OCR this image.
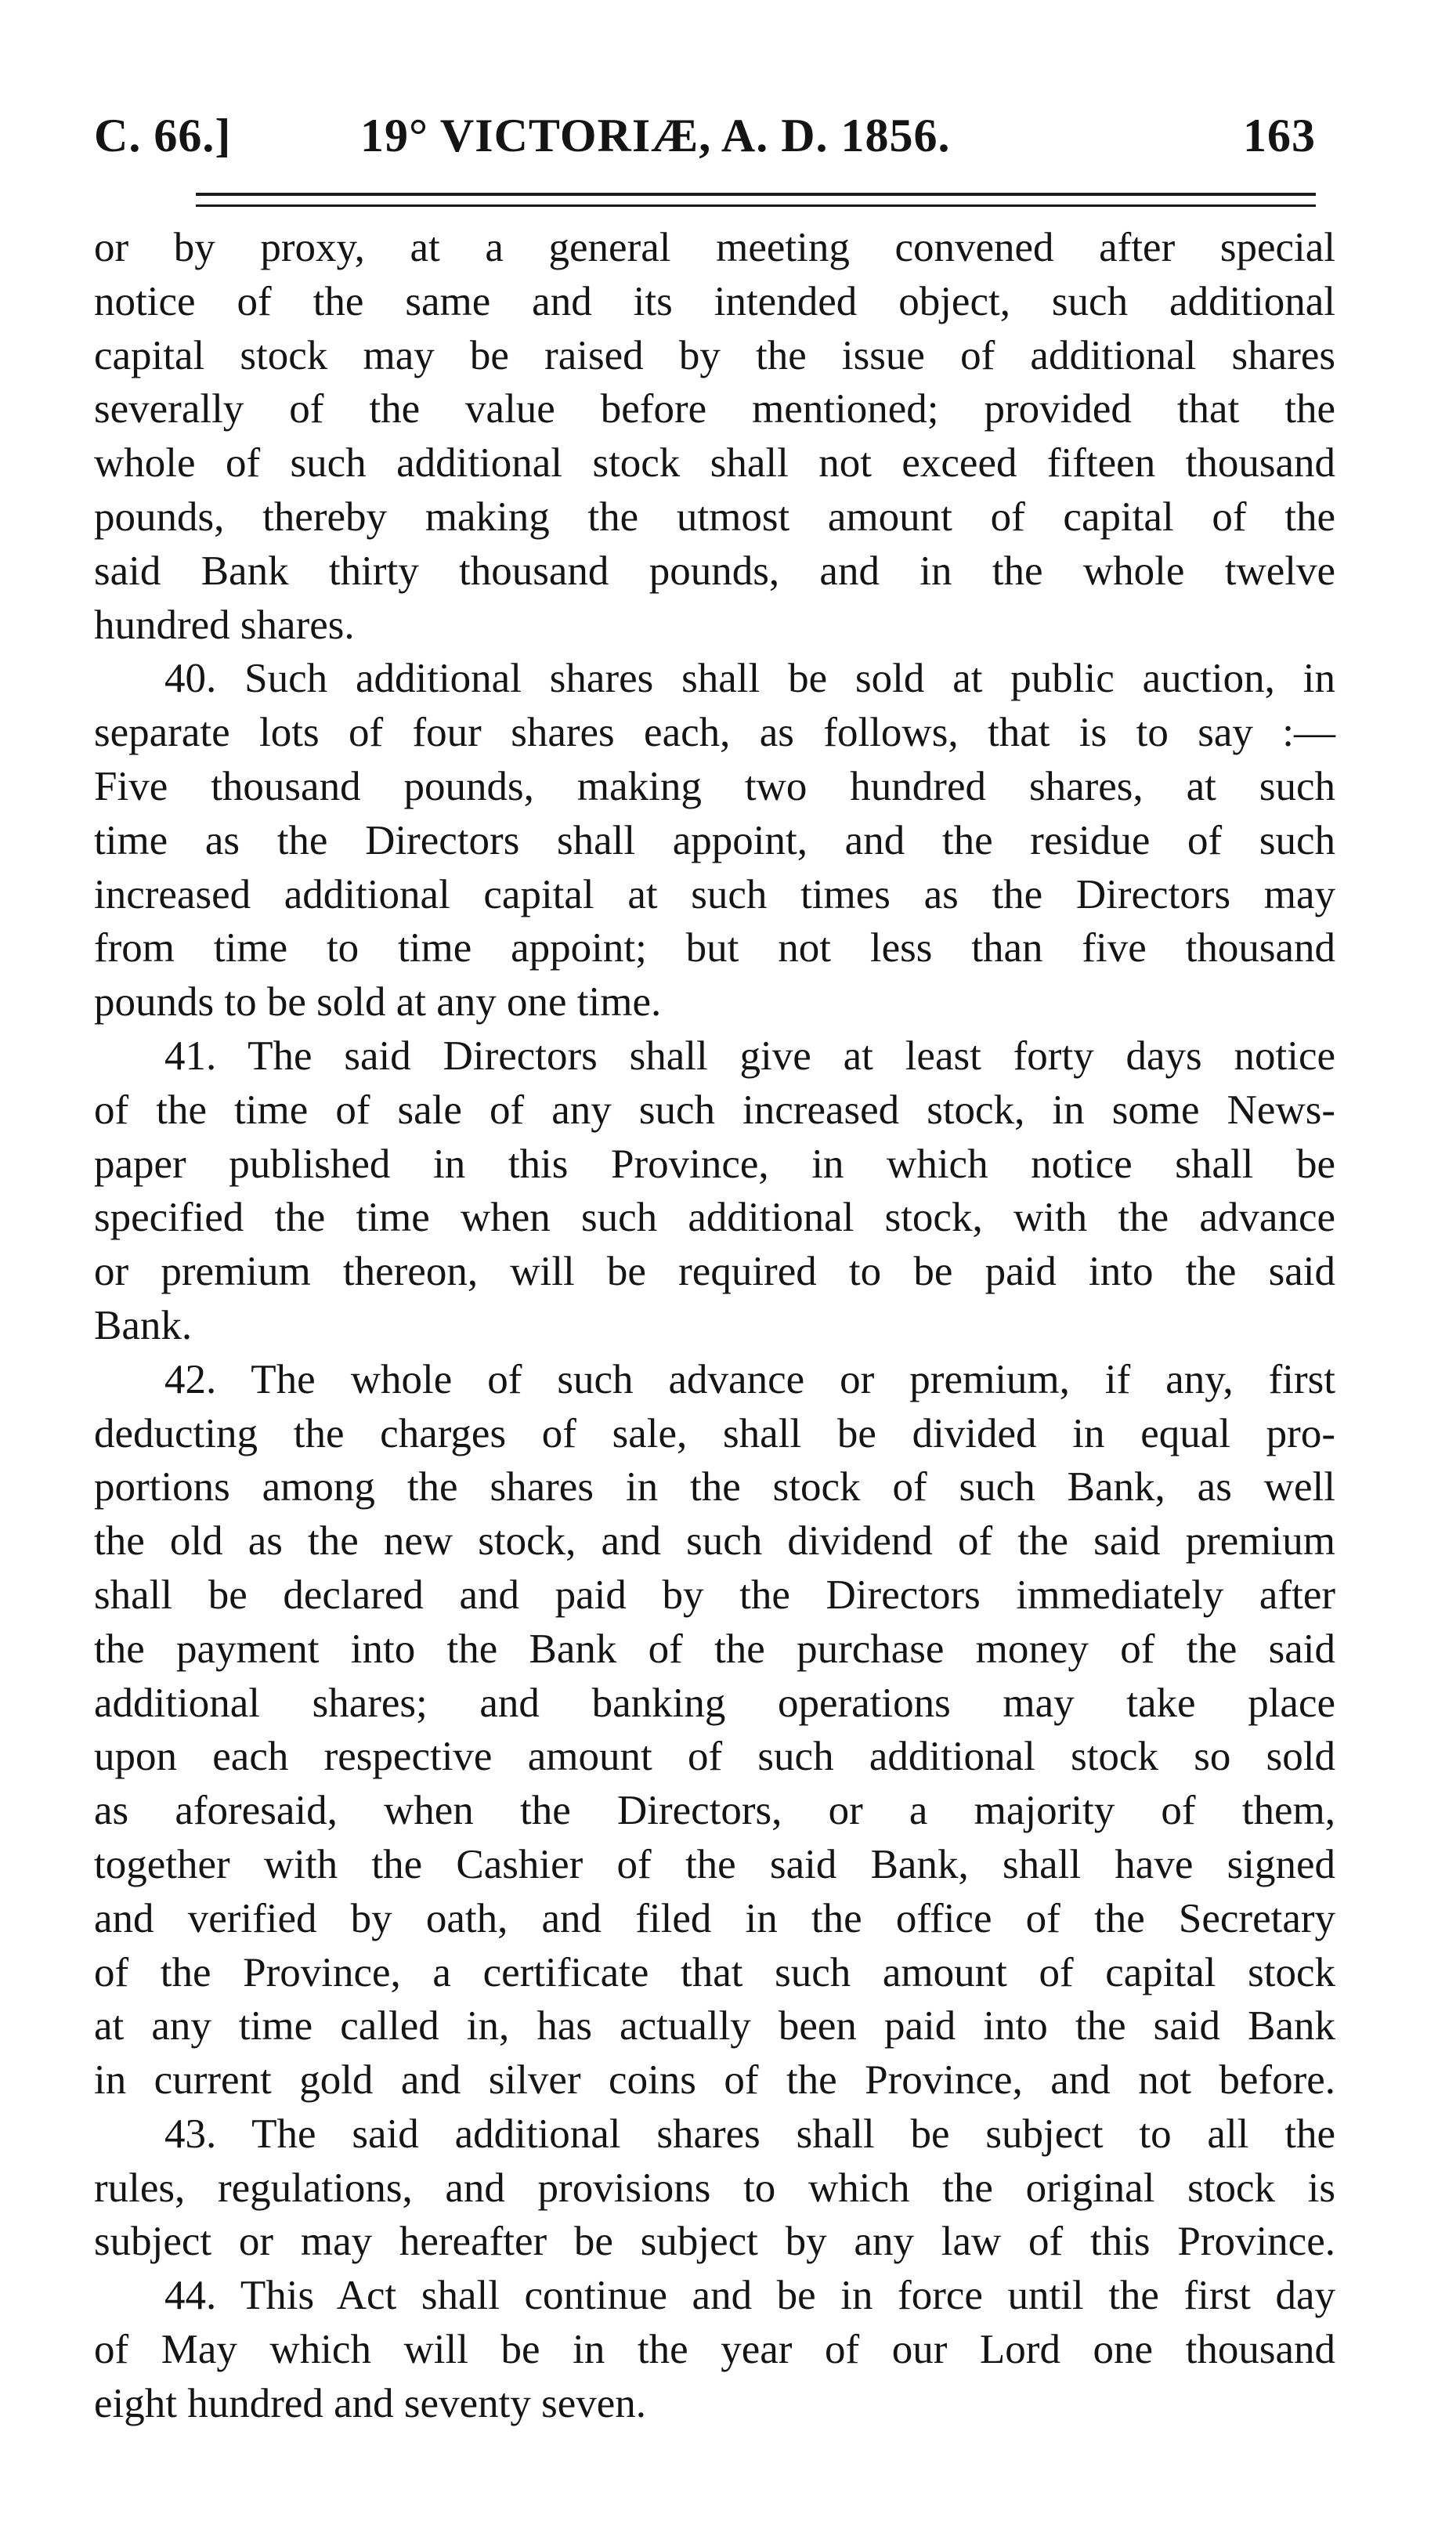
C. 66.]	19° VICTORIÆ, A. D. 1856.	163
or by proxy, at a general meeting convened after special
notice of the same and its intended object, such additional
capital stock may be raised by the issue of additional shares
severally of the value before mentioned; provided that the
whole of such additional stock shall not exceed fifteen thousand
pounds, thereby making the utmost amount of capital of the
said Bank thirty thousand pounds, and in the whole twelve
hundred shares.
40. Such additional shares shall be sold at public auction, in
separate lots of four shares each, as follows, that is to say :—
Five thousand pounds, making two hundred shares, at such
time as the Directors shall appoint, and the residue of such
increased additional capital at such times as the Directors may
from time to time appoint; but not less than five thousand
pounds to be sold at any one time.
41. The said Directors shall give at least forty days notice
of the time of sale of any such increased stock, in some News-
paper published in this Province, in which notice shall be
specified the time when such additional stock, with the advance
or premium thereon, will be required to be paid into the said
Bank.
42. The whole of such advance or premium, if any, first
deducting the charges of sale, shall be divided in equal pro-
portions among the shares in the stock of such Bank, as well
the old as the new stock, and such dividend of the said premium
shall be declared and paid by the Directors immediately after
the payment into the Bank of the purchase money of the said
additional shares; and banking operations may take place
upon each respective amount of such additional stock so sold
as aforesaid, when the Directors, or a majority of them,
together with the Cashier of the said Bank, shall have signed
and verified by oath, and filed in the office of the Secretary
of the Province, a certificate that such amount of capital stock
at any time called in, has actually been paid into the said Bank
in current gold and silver coins of the Province, and not before.
43. The said additional shares shall be subject to all the
rules, regulations, and provisions to which the original stock is
subject or may hereafter be subject by any law of this Province.
44. This Act shall continue and be in force until the first day
of May which will be in the year of our Lord one thousand
eight hundred and seventy seven.
